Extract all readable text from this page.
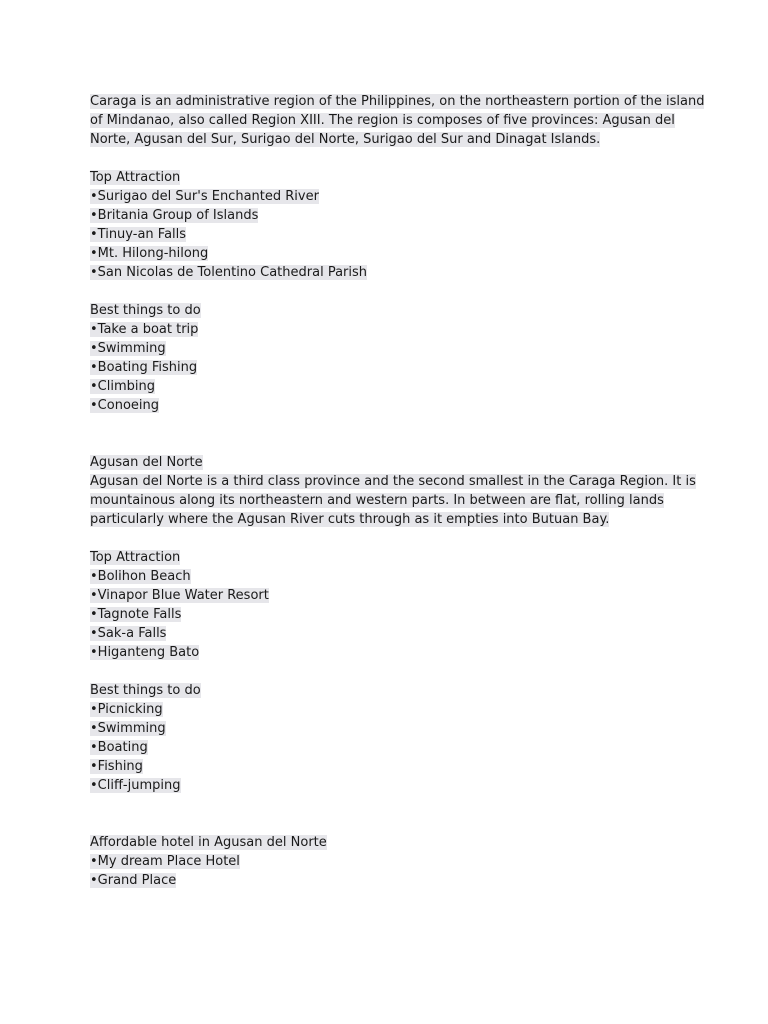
Caraga is an administrative region of the Philippines, on the northeastern portion of the island
of Mindanao, also called Region XIII. The region is composes of five provinces: Agusan del
Norte, Agusan del Sur, Surigao del Norte, Surigao del Sur and Dinagat Islands.
Top Attraction
•Surigao del Sur's Enchanted River
•Britania Group of Islands
•Tinuy-an Falls
•Mt. Hilong-hilong
•San Nicolas de Tolentino Cathedral Parish
Best things to do
•Take a boat trip
•Swimming
•Boating Fishing
•Climbing
•Conoeing
Agusan del Norte
Agusan del Norte is a third class province and the second smallest in the Caraga Region. It is
mountainous along its northeastern and western parts. In between are flat, rolling lands
particularly where the Agusan River cuts through as it empties into Butuan Bay.
Top Attraction
•Bolihon Beach
•Vinapor Blue Water Resort
•Tagnote Falls
•Sak-a Falls
•Higanteng Bato
Best things to do
•Picnicking
•Swimming
•Boating
•Fishing
•Cliff-jumping
Affordable hotel in Agusan del Norte
•My dream Place Hotel
•Grand Place
